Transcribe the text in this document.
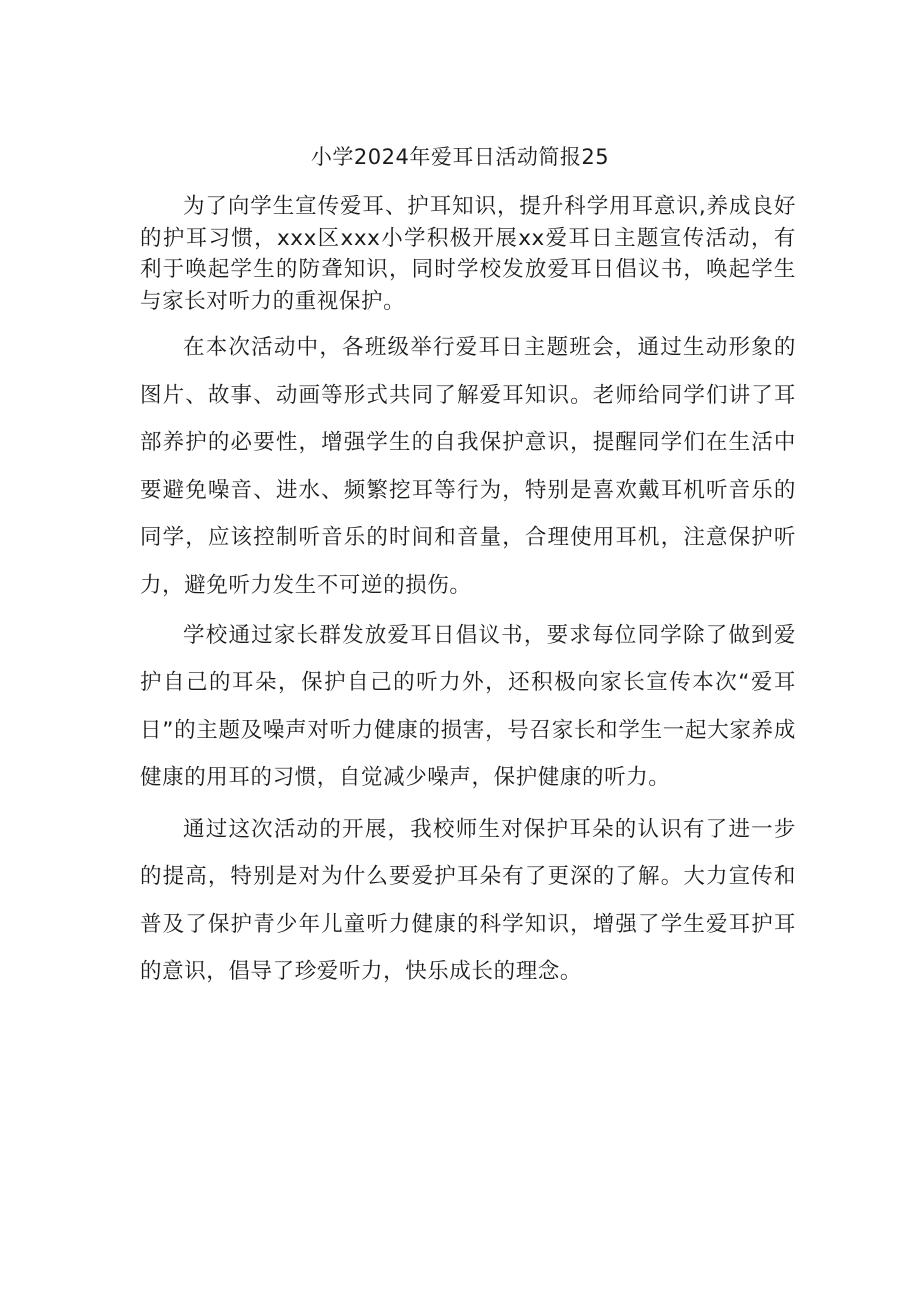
小学2024年爱耳日活动简报25

为了向学生宣传爱耳、护耳知识，提升科学用耳意识,养成良好的护耳习惯，xxx区xxx小学积极开展xx爱耳日主题宣传活动，有利于唤起学生的防聋知识，同时学校发放爱耳日倡议书，唤起学生与家长对听力的重视保护。

在本次活动中，各班级举行爱耳日主题班会，通过生动形象的图片、故事、动画等形式共同了解爱耳知识。老师给同学们讲了耳部养护的必要性，增强学生的自我保护意识，提醒同学们在生活中要避免噪音、进水、频繁挖耳等行为，特别是喜欢戴耳机听音乐的同学，应该控制听音乐的时间和音量，合理使用耳机，注意保护听力，避免听力发生不可逆的损伤。

学校通过家长群发放爱耳日倡议书，要求每位同学除了做到爱护自己的耳朵，保护自己的听力外，还积极向家长宣传本次“爱耳日”的主题及噪声对听力健康的损害，号召家长和学生一起大家养成健康的用耳的习惯，自觉减少噪声，保护健康的听力。

通过这次活动的开展，我校师生对保护耳朵的认识有了进一步的提高，特别是对为什么要爱护耳朵有了更深的了解。大力宣传和普及了保护青少年儿童听力健康的科学知识，增强了学生爱耳护耳的意识，倡导了珍爱听力，快乐成长的理念。
